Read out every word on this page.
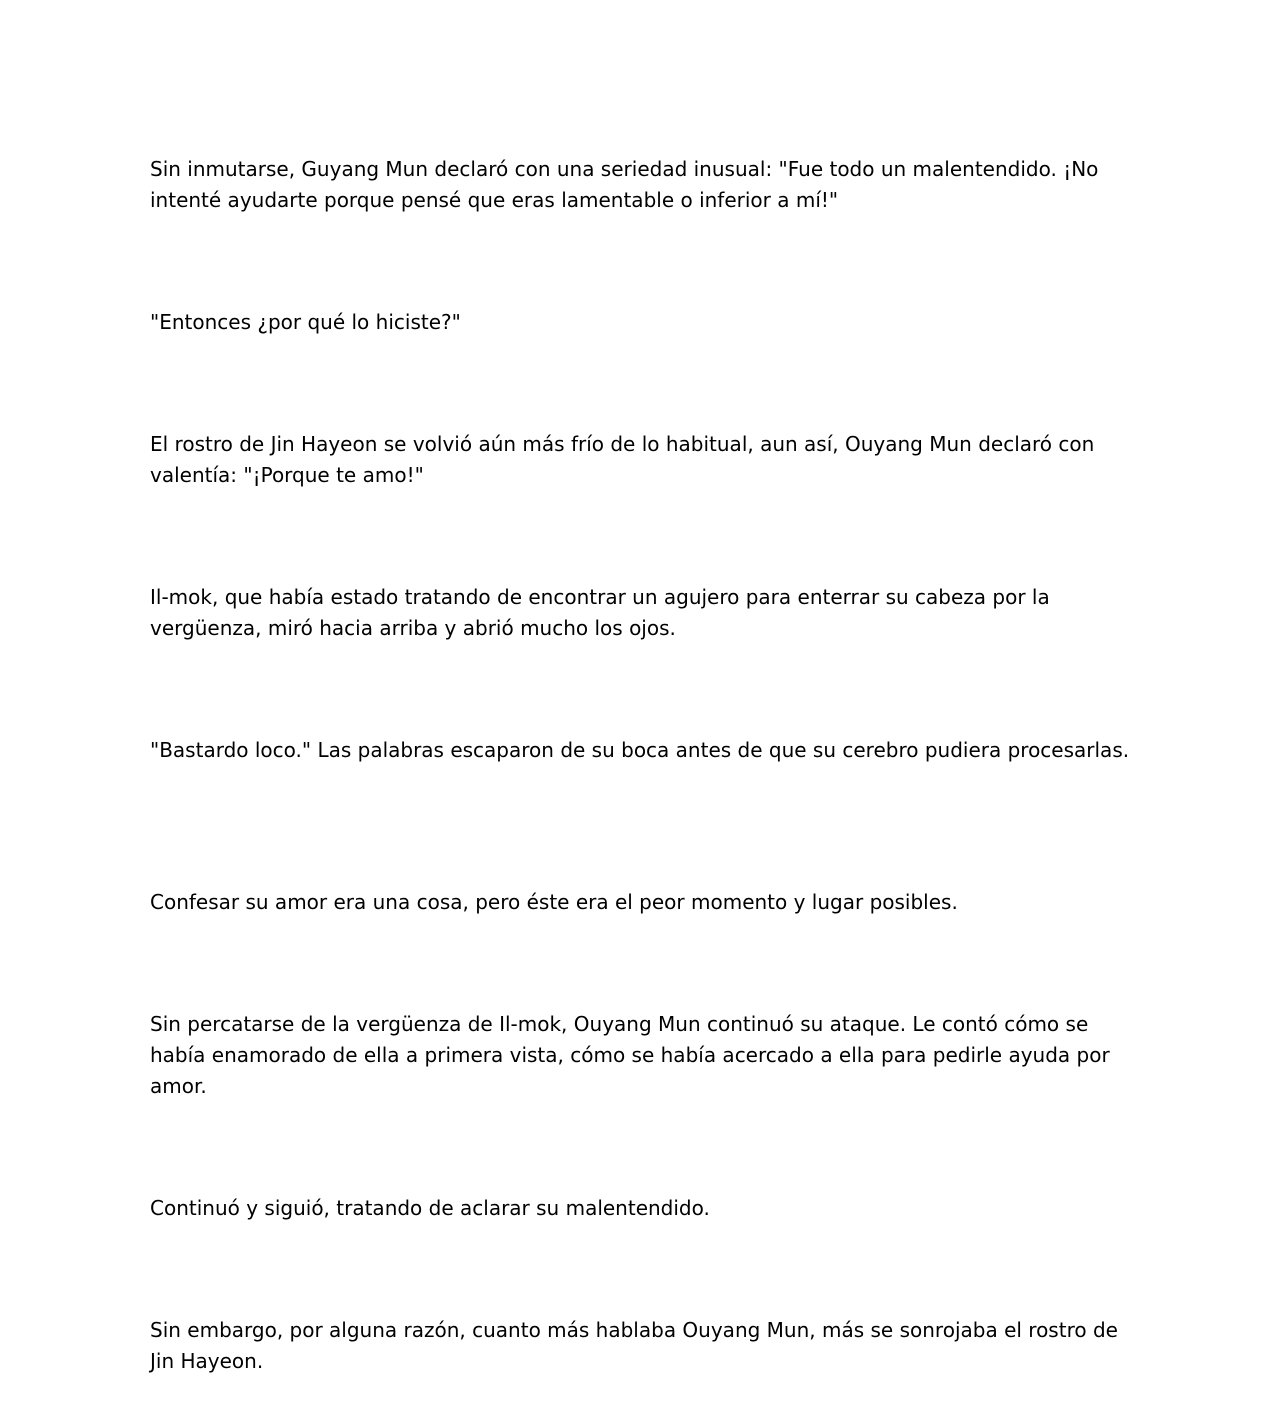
Sin inmutarse, Guyang Mun declaró con una seriedad inusual: "Fue todo un malentendido. ¡No intenté ayudarte porque pensé que eras lamentable o inferior a mí!"

"Entonces ¿por qué lo hiciste?"

El rostro de Jin Hayeon se volvió aún más frío de lo habitual, aun así, Ouyang Mun declaró con valentía: "¡Porque te amo!"

Il-mok, que había estado tratando de encontrar un agujero para enterrar su cabeza por la vergüenza, miró hacia arriba y abrió mucho los ojos.

"Bastardo loco." Las palabras escaparon de su boca antes de que su cerebro pudiera procesarlas.

Confesar su amor era una cosa, pero éste era el peor momento y lugar posibles.

Sin percatarse de la vergüenza de Il-mok, Ouyang Mun continuó su ataque. Le contó cómo se había enamorado de ella a primera vista, cómo se había acercado a ella para pedirle ayuda por amor.

Continuó y siguió, tratando de aclarar su malentendido.

Sin embargo, por alguna razón, cuanto más hablaba Ouyang Mun, más se sonrojaba el rostro de Jin Hayeon.
